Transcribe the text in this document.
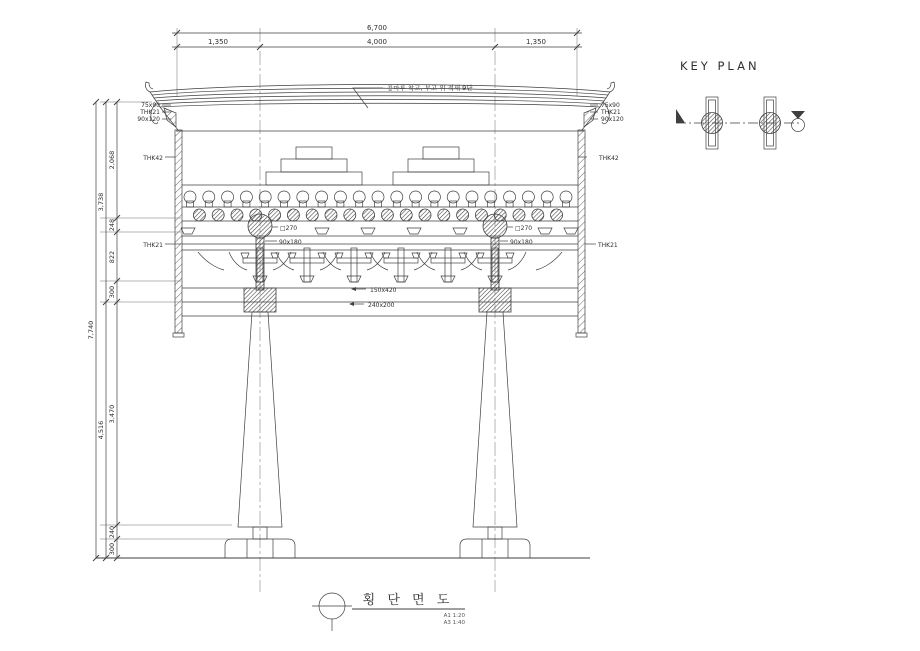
6,700
1,350	4,000	1,350
용마루 착고, 부고 위 적새 9단
75x90
THK21
90x120
75x90
THK21
90x120
THK42	THK42
□270	□270
90x180	90x180
THK21	THK21
150x420
240x200
7,740
3,738
4,516
2,068
248
822
300
3,470
240
300
횡 단 면 도
A1 1:20
A3 1:40
KEY PLAN
